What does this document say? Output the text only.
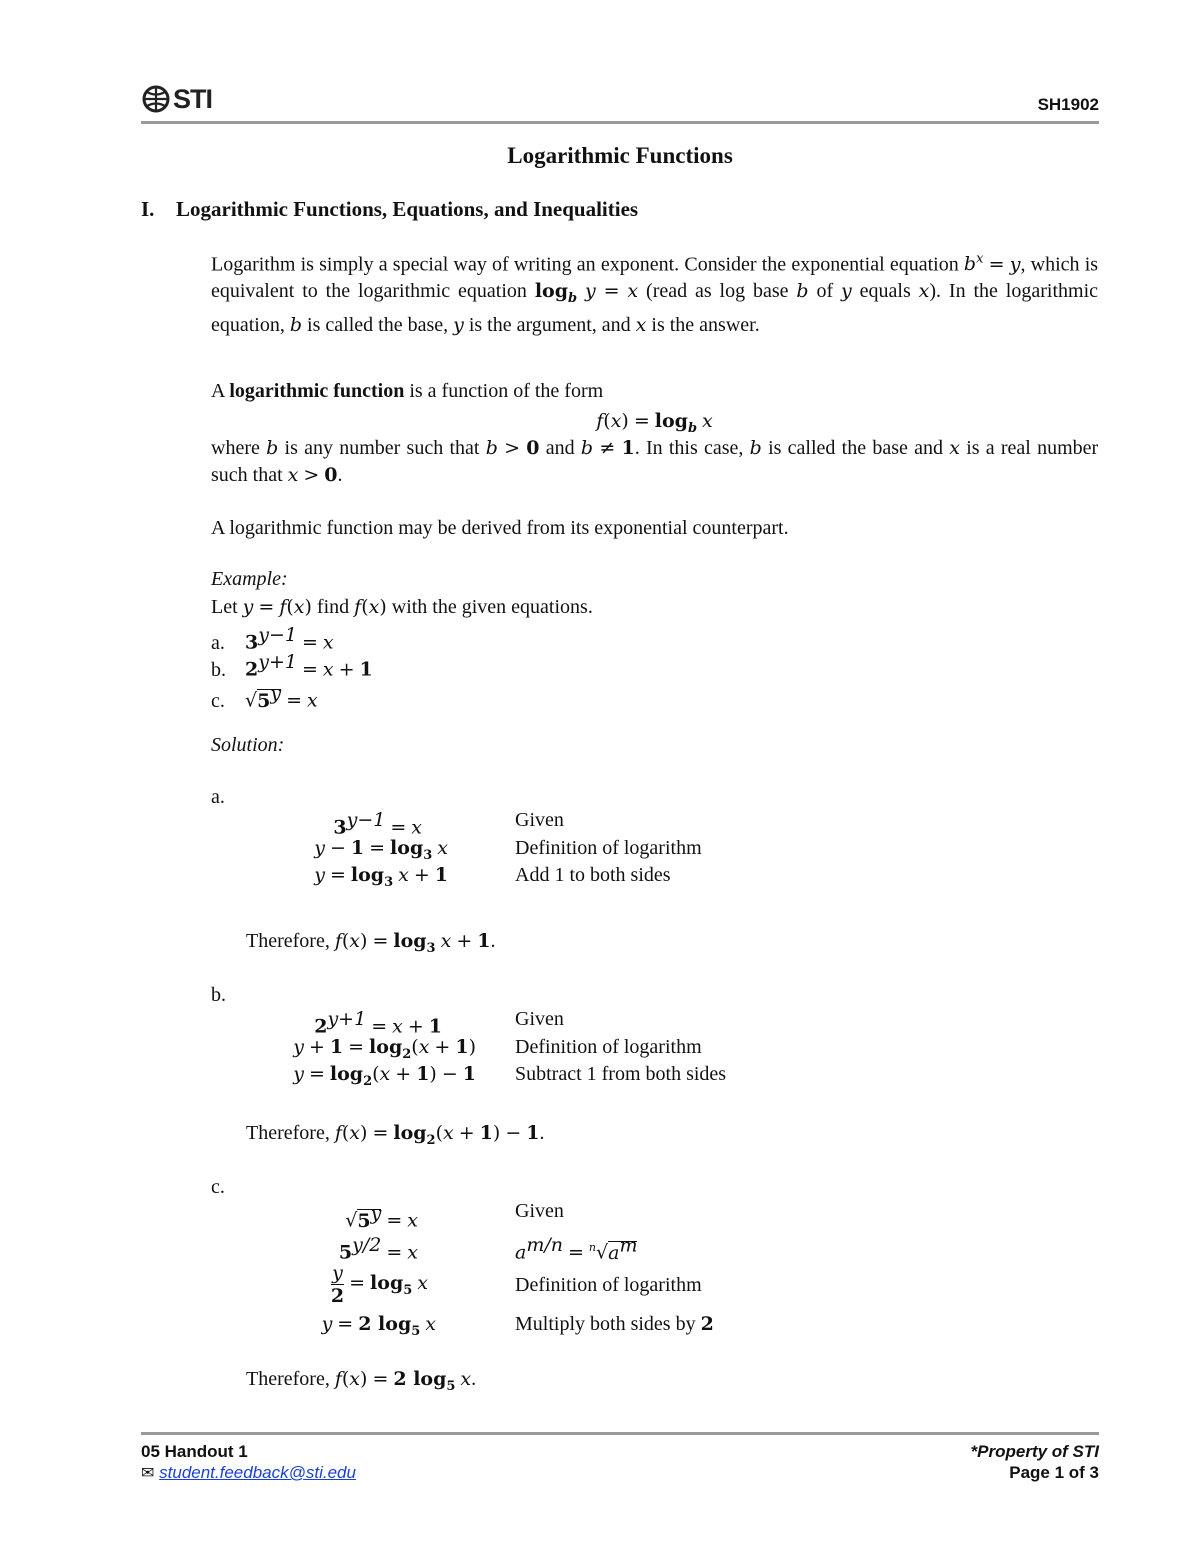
STI	SH1902
Logarithmic Functions
I. Logarithmic Functions, Equations, and Inequalities
Logarithm is simply a special way of writing an exponent. Consider the exponential equation $b^x = y$, which is equivalent to the logarithmic equation $\log_b y = x$ (read as log base b of y equals x). In the logarithmic equation, b is called the base, y is the argument, and x is the answer.
A logarithmic function is a function of the form
$f(x) = \log_b x$
where b is any number such that b > 0 and b ≠ 1. In this case, b is called the base and x is a real number such that x > 0.
A logarithmic function may be derived from its exponential counterpart.
Example:
Let y = f(x) find f(x) with the given equations.
a. $3^{y-1} = x$
b. $2^{y+1} = x + 1$
c. $√5^y = x$
Solution:
a.
$3^{y-1} = x$	Given
$y - 1 = \log_3 x$	Definition of logarithm
$y = \log_3 x + 1$	Add 1 to both sides
Therefore, $f(x) = \log_3 x + 1$.
b.
$2^{y+1} = x + 1$	Given
$y + 1 = \log_2(x + 1)$ Definition of logarithm
$y = \log_2(x + 1) - 1$ Subtract 1 from both sides
Therefore, $f(x) = \log_2(x + 1) - 1$.
c.
$√5^y = x$	Given
$5^{y/2} = x$	$a^{m/n} = ^n√a^m$
$\frac{y}{2} = \log_5 x$	Definition of logarithm
y = 2 $\log_5 x$	Multiply both sides by 2
Therefore, f(x) = 2 $\log_5 x$.
05 Handout 1
✉ student.feedback@sti.edu
*Property of STI
Page 1 of 3
